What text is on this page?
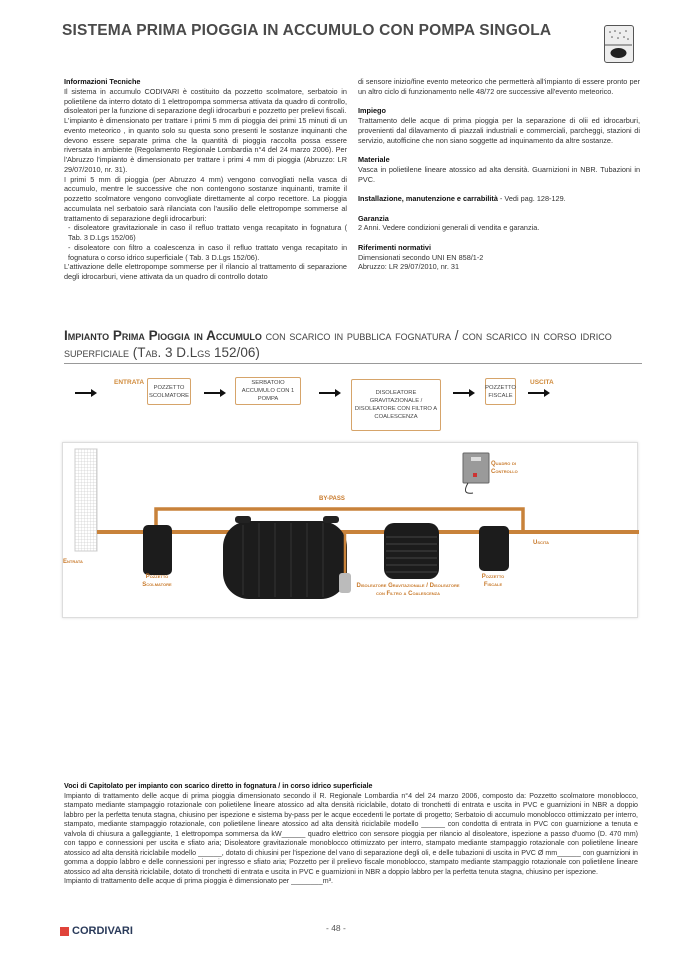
SISTEMA PRIMA PIOGGIA IN ACCUMULO CON POMPA SINGOLA

Informazioni Tecniche

Il sistema in accumulo CODIVARI è costituito da pozzetto scolmatore, serbatoio in polietilene da interro dotato di 1 elettropompa sommersa attivata da quadro di controllo, disoleatori per la funzione di separazione degli idrocarburi e pozzetto per prelievi fiscali.

L'impianto è dimensionato per trattare i primi 5 mm di pioggia dei primi 15 minuti di un evento meteorico , in quanto solo su questa sono presenti le sostanze inquinanti che devono essere separate prima che la quantità di pioggia raccolta possa essere riversata in ambiente (Regolamento Regionale Lombardia n°4 del 24 marzo 2006). Per l'Abruzzo l'impianto è dimensionato per trattare i primi 4 mm di pioggia (Abruzzo: LR 29/07/2010, nr. 31).

I primi 5 mm di pioggia (per Abruzzo 4 mm) vengono convogliati nella vasca di accumulo, mentre le successive che non contengono sostanze inquinanti, tramite il pozzetto scolmatore vengono convogliate direttamente al corpo recettore. La pioggia accumulata nel serbatoio sarà rilanciata con l'ausilio delle elettropompe sommerse al trattamento di separazione degli idrocarburi:

- disoleatore gravitazionale in caso il refluo trattato venga recapitato in fognatura ( Tab. 3 D.Lgs 152/06)

- disoleatore con filtro a coalescenza in caso il refluo trattato venga recapitato in fognatura o corso idrico superficiale ( Tab. 3 D.Lgs 152/06).

L'attivazione delle elettropompe sommerse per il rilancio al trattamento di separazione degli idrocarburi, viene attivata da un quadro di controllo dotato

di sensore inizio/fine evento meteorico che permetterà all'impianto di essere pronto per un altro ciclo di funzionamento nelle 48/72 ore successive all'evento meteorico.

Impiego

Trattamento delle acque di prima pioggia per la separazione di olii ed idrocarburi, provenienti dal dilavamento di piazzali industriali e commerciali, parcheggi, stazioni di servizio, autofficine che non siano soggette ad inquinamento da altre sostanze.

Materiale

Vasca in polietilene lineare atossico ad alta densità. Guarnizioni in NBR. Tubazioni in PVC.

Installazione, manutenzione e carrabilità - Vedi pag. 128-129.

Garanzia

2 Anni. Vedere condizioni generali di vendita e garanzia.

Riferimenti normativi

Dimensionati secondo UNI EN 858/1-2

Abruzzo: LR 29/07/2010, nr. 31

Impianto Prima Pioggia in Accumulo con scarico in pubblica fognatura / con scarico in corso idrico superficiale (Tab. 3 D.Lgs 152/06)
ENTRATA
POZZETTO SCOLMATORE
SERBATOIO ACCUMULO CON 1 POMPA
DISOLEATORE GRAVITAZIONALE / DISOLEATORE CON FILTRO A COALESCENZA
POZZETTO FISCALE
USCITA
Entrata
Pozzetto Scolmatore
BY-PASS
Quadro di Controllo
Uscita
Disoleatore Gravitazionale / Disoleatore con Filtro a Coalescenza
Pozzetto Fiscale

Voci di Capitolato per impianto con scarico diretto in fognatura / in corso idrico superficiale

Impianto di trattamento delle acque di prima pioggia dimensionato secondo il R. Regionale Lombardia n°4 del 24 marzo 2006, composto da: Pozzetto scolmatore monoblocco, stampato mediante stampaggio rotazionale con polietilene lineare atossico ad alta densità riciclabile, dotato di tronchetti di entrata e uscita in PVC e guarnizioni in NBR a doppio labbro per la perfetta tenuta stagna, chiusino per ispezione e sistema by-pass per le acque eccedenti le portate di progetto; Serbatoio di accumulo monoblocco ottimizzato per interro, stampato, mediante stampaggio rotazionale, con polietilene lineare atossico ad alta densità riciclabile modello ______ con condotta di entrata in PVC con guarnizione a tenuta e valvola di chiusura a galleggiante, 1 elettropompa sommersa da kW______ quadro elettrico con sensore pioggia per rilancio al disoleatore, ispezione a passo d'uomo (D. 470 mm) con tappo e connessioni per uscita e sfiato aria; Disoleatore gravitazionale monoblocco ottimizzato per interro, stampato mediante stampaggio rotazionale con polietilene lineare atossico ad alta densità riciclabile modello ______, dotato di chiusini per l'ispezione del vano di separazione degli oli, e delle tubazioni di uscita in PVC Ø mm______ con guarnizioni in gomma a doppio labbro e delle connessioni per ingresso e sfiato aria; Pozzetto per il prelievo fiscale monoblocco, stampato mediante stampaggio rotazionale con polietilene lineare atossico ad alta densità riciclabile, dotato di tronchetti di entrata e uscita in PVC e guarnizioni in NBR a doppio labbro per la perfetta tenuta stagna, chiusino per ispezione.

Impianto di trattamento delle acque di prima pioggia è dimensionato per ________m³.

CORDIVARI	- 48 -
